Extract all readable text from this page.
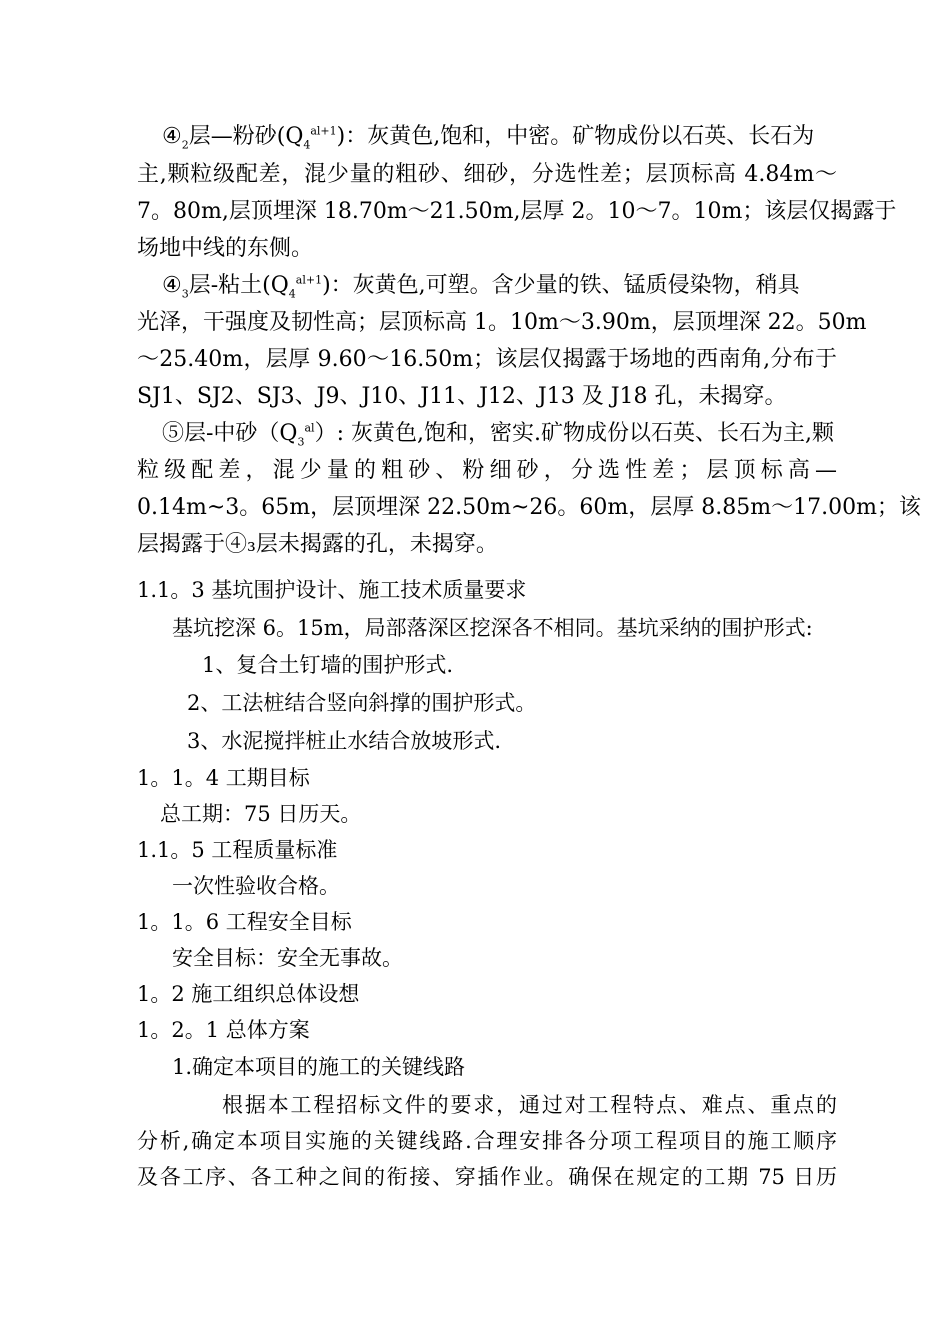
$④_2$层—粉砂$(Q_4^{al+1})$：灰黄色,饱和，中密。矿物成份以石英、长石为
主,颗粒级配差，混少量的粗砂、细砂，分选性差；层顶标高 4.84m～
7。80m,层顶埋深 18.70m～21.50m,层厚 2。10～7。10m；该层仅揭露于
场地中线的东侧。
$④_3$层-粘土$(Q_4^{al+1})$：灰黄色,可塑。含少量的铁、锰质侵染物，稍具
光泽，干强度及韧性高；层顶标高 1。10m～3.90m，层顶埋深 22。50m
～25.40m，层厚 9.60～16.50m；该层仅揭露于场地的西南角,分布于
SJ1、SJ2、SJ3、J9、J10、J11、J12、J13 及 J18 孔，未揭穿。
⑤层-中砂$(Q_3^{al})$: 灰黄色,饱和，密实.矿物成份以石英、长石为主,颗
粒级配差，混少量的粗砂、粉细砂，分选性差；层顶标高—
0.14m~3。65m，层顶埋深 22.50m~26。60m，层厚 8.85m～17.00m；该
层揭露于④₃层未揭露的孔，未揭穿。
1.1。3 基坑围护设计、施工技术质量要求
基坑挖深 6。15m，局部落深区挖深各不相同。基坑采纳的围护形式:
1、复合土钉墙的围护形式.
2、工法桩结合竖向斜撑的围护形式。
3、水泥搅拌桩止水结合放坡形式.
1。1。4 工期目标
总工期：75 日历天。
1.1。5 工程质量标准
一次性验收合格。
1。1。6 工程安全目标
安全目标：安全无事故。
1。2 施工组织总体设想
1。2。1 总体方案
1.确定本项目的施工的关键线路
根据本工程招标文件的要求，通过对工程特点、难点、重点的
分析,确定本项目实施的关键线路.合理安排各分项工程项目的施工顺序
及各工序、各工种之间的衔接、穿插作业。确保在规定的工期 75 日历
